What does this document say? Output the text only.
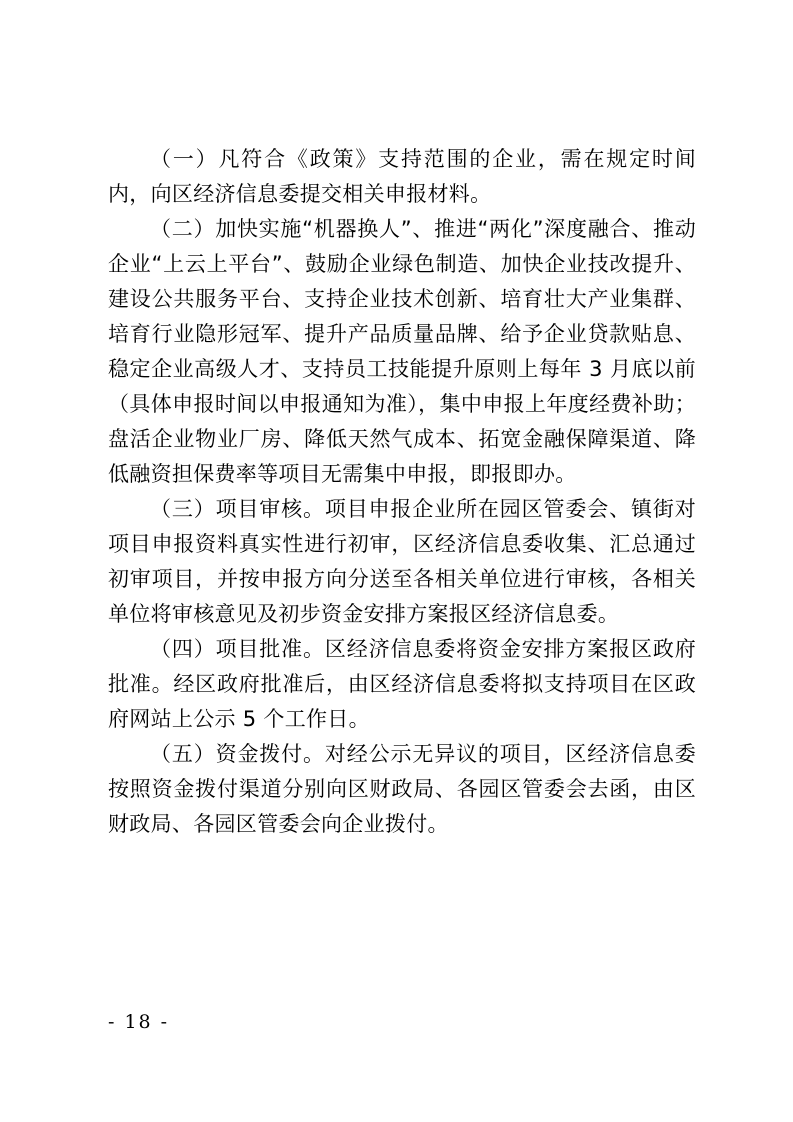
（一）凡符合《政策》支持范围的企业，需在规定时间内，向区经济信息委提交相关申报材料。

（二）加快实施“机器换人”、推进“两化”深度融合、推动企业“上云上平台”、鼓励企业绿色制造、加快企业技改提升、建设公共服务平台、支持企业技术创新、培育壮大产业集群、培育行业隐形冠军、提升产品质量品牌、给予企业贷款贴息、稳定企业高级人才、支持员工技能提升原则上每年 3 月底以前（具体申报时间以申报通知为准），集中申报上年度经费补助；盘活企业物业厂房、降低天然气成本、拓宽金融保障渠道、降低融资担保费率等项目无需集中申报，即报即办。

（三）项目审核。项目申报企业所在园区管委会、镇街对项目申报资料真实性进行初审，区经济信息委收集、汇总通过初审项目，并按申报方向分送至各相关单位进行审核，各相关单位将审核意见及初步资金安排方案报区经济信息委。

（四）项目批准。区经济信息委将资金安排方案报区政府批准。经区政府批准后，由区经济信息委将拟支持项目在区政府网站上公示 5 个工作日。

（五）资金拨付。对经公示无异议的项目，区经济信息委按照资金拨付渠道分别向区财政局、各园区管委会去函，由区财政局、各园区管委会向企业拨付。

- 18 -
